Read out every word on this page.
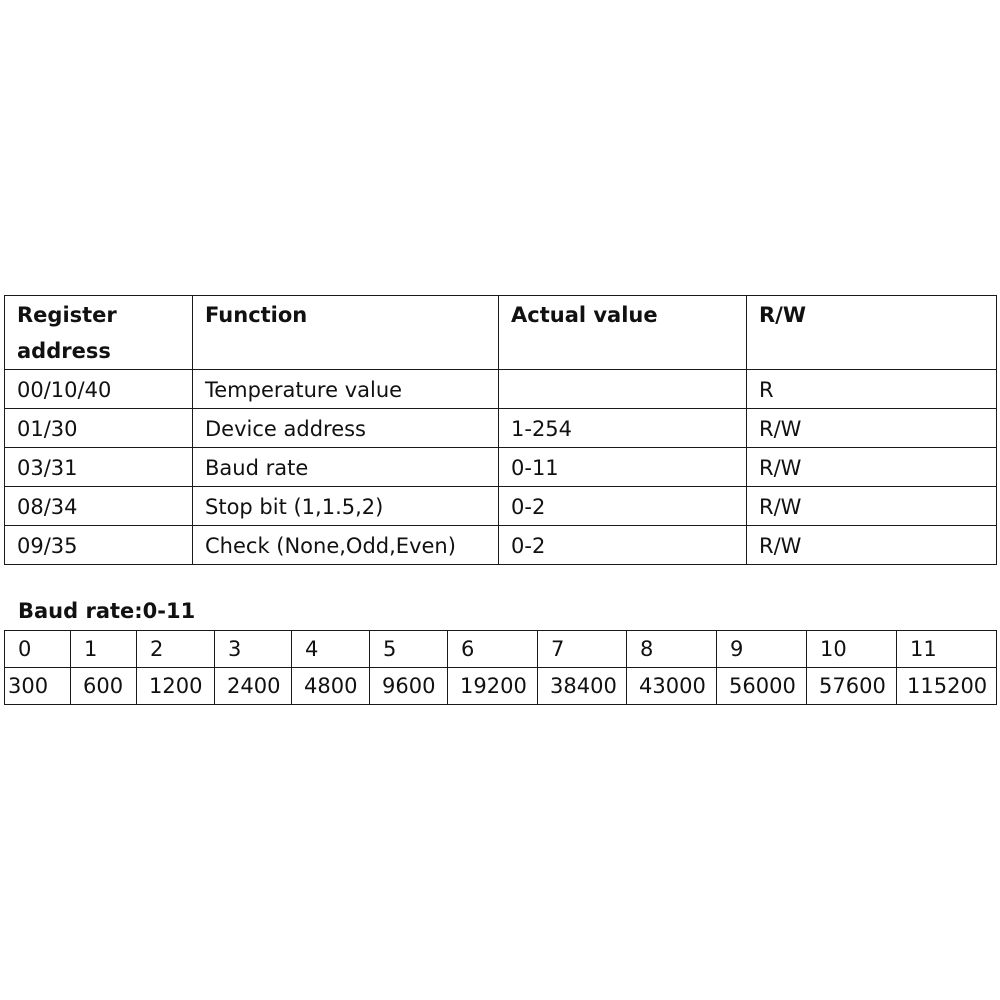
Register address	Function	Actual value	R/W
00/10/40	Temperature value		R
01/30	Device address	1-254	R/W
03/31	Baud rate	0-11	R/W
08/34	Stop bit (1,1.5,2)	0-2	R/W
09/35	Check (None,Odd,Even)	0-2	R/W
Baud rate:0-11
0	1	2	3	4	5	6	7	8	9	10	11
300	600	1200	2400	4800	9600	19200	38400	43000	56000	57600	115200
